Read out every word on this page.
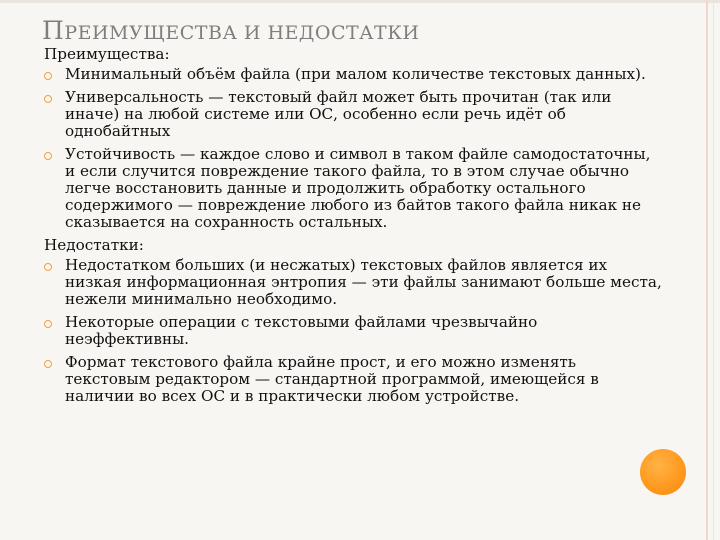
ПРЕИМУЩЕСТВА И НЕДОСТАТКИ
Преимущества:
Минимальный объём файла (при малом количестве текстовых данных).
Универсальность — текстовый файл может быть прочитан (так или иначе) на любой системе или ОС, особенно если речь идёт об однобайтных
Устойчивость — каждое слово и символ в таком файле самодостаточны, и если случится повреждение такого файла, то в этом случае обычно легче восстановить данные и продолжить обработку остального содержимого — повреждение любого из байтов такого файла никак не сказывается на сохранность остальных.
Недостатки:
Недостатком больших (и несжатых) текстовых файлов является их низкая информационная энтропия — эти файлы занимают больше места, нежели минимально необходимо.
Некоторые операции с текстовыми файлами чрезвычайно неэффективны.
Формат текстового файла крайне прост, и его можно изменять текстовым редактором — стандартной программой, имеющейся в наличии во всех ОС и в практически любом устройстве.
